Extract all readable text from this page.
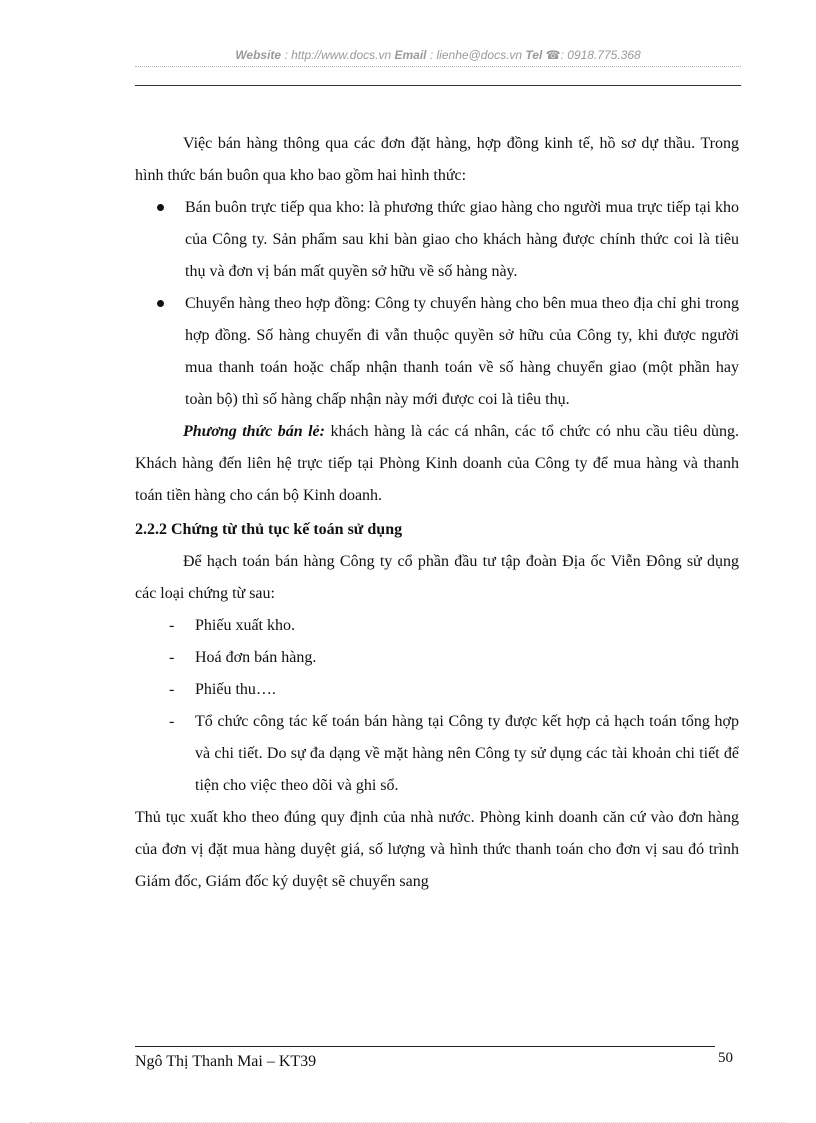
Website : http://www.docs.vn Email : lienhe@docs.vn Tel ☎: 0918.775.368

Việc bán hàng thông qua các đơn đặt hàng, hợp đồng kinh tế, hồ sơ dự thầu. Trong hình thức bán buôn qua kho bao gồm hai hình thức:

Bán buôn trực tiếp qua kho: là phương thức giao hàng cho người mua trực tiếp tại kho của Công ty. Sản phẩm sau khi bàn giao cho khách hàng được chính thức coi là tiêu thụ và đơn vị bán mất quyền sở hữu về số hàng này.

Chuyển hàng theo hợp đồng: Công ty chuyển hàng cho bên mua theo địa chỉ ghi trong hợp đồng. Số hàng chuyển đi vẫn thuộc quyền sở hữu của Công ty, khi được người mua thanh toán hoặc chấp nhận thanh toán về số hàng chuyển giao (một phần hay toàn bộ) thì số hàng chấp nhận này mới được coi là tiêu thụ.

Phương thức bán lẻ: khách hàng là các cá nhân, các tổ chức có nhu cầu tiêu dùng. Khách hàng đến liên hệ trực tiếp tại Phòng Kinh doanh của Công ty để mua hàng và thanh toán tiền hàng cho cán bộ Kinh doanh.

2.2.2 Chứng từ thủ tục kế toán sử dụng

Để hạch toán bán hàng Công ty cổ phần đầu tư tập đoàn Địa ốc Viễn Đông sử dụng các loại chứng từ sau:

- Phiếu xuất kho.

- Hoá đơn bán hàng.

- Phiếu thu….

- Tổ chức công tác kế toán bán hàng tại Công ty được kết hợp cả hạch toán tổng hợp và chi tiết. Do sự đa dạng về mặt hàng nên Công ty sử dụng các tài khoản chi tiết để tiện cho việc theo dõi và ghi sổ.

Thủ tục xuất kho theo đúng quy định của nhà nước. Phòng kinh doanh căn cứ vào đơn hàng của đơn vị đặt mua hàng duyệt giá, số lượng và hình thức thanh toán cho đơn vị sau đó trình Giám đốc, Giám đốc ký duyệt sẽ chuyển sang

Ngô Thị Thanh Mai – KT39	50
